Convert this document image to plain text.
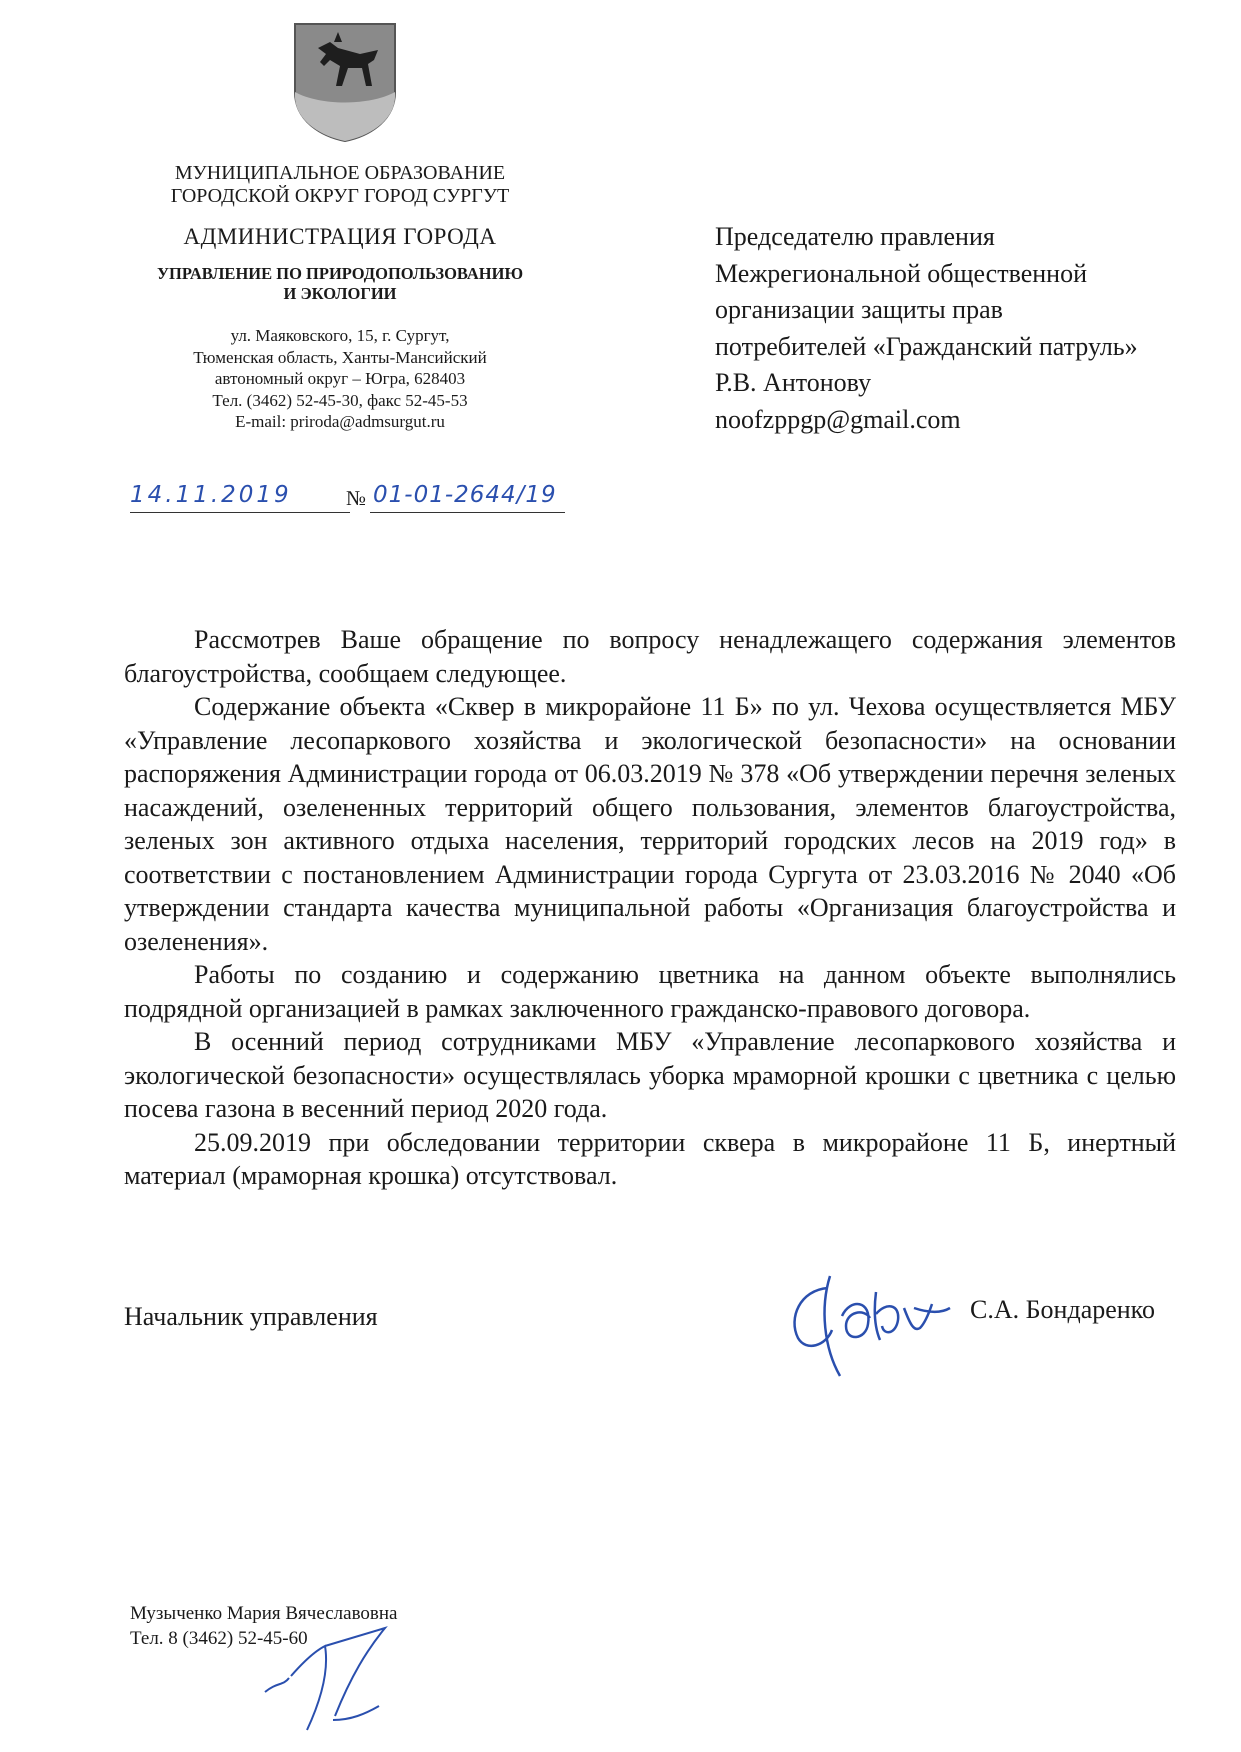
МУНИЦИПАЛЬНОЕ ОБРАЗОВАНИЕ
ГОРОДСКОЙ ОКРУГ ГОРОД СУРГУТ
АДМИНИСТРАЦИЯ ГОРОДА
УПРАВЛЕНИЕ ПО ПРИРОДОПОЛЬЗОВАНИЮ
И ЭКОЛОГИИ
ул. Маяковского, 15, г. Сургут,
Тюменская область, Ханты-Мансийский
автономный округ – Югра, 628403
Тел. (3462) 52-45-30, факс 52-45-53
E-mail: priroda@admsurgut.ru
Председателю правления
Межрегиональной общественной
организации защиты прав
потребителей «Гражданский патруль»
Р.В. Антонову
noofzppgp@gmail.com
14.11.2019	№ 01-01-2644/19

Рассмотрев Ваше обращение по вопросу ненадлежащего содержания элементов благоустройства, сообщаем следующее.

Содержание объекта «Сквер в микрорайоне 11 Б» по ул. Чехова осуществляется МБУ «Управление лесопаркового хозяйства и экологической безопасности» на основании распоряжения Администрации города от 06.03.2019 № 378 «Об утверждении перечня зеленых насаждений, озелененных территорий общего пользования, элементов благоустройства, зеленых зон активного отдыха населения, территорий городских лесов на 2019 год» в соответствии с постановлением Администрации города Сургута от 23.03.2016 № 2040 «Об утверждении стандарта качества муниципальной работы «Организация благоустройства и озеленения».

Работы по созданию и содержанию цветника на данном объекте выполнялись подрядной организацией в рамках заключенного гражданско-правового договора.

В осенний период сотрудниками МБУ «Управление лесопаркового хозяйства и экологической безопасности» осуществлялась уборка мраморной крошки с цветника с целью посева газона в весенний период 2020 года.

25.09.2019 при обследовании территории сквера в микрорайоне 11 Б, инертный материал (мраморная крошка) отсутствовал.

Начальник управления	С.А. Бондаренко
Музыченко Мария Вячеславовна
Тел. 8 (3462) 52-45-60
